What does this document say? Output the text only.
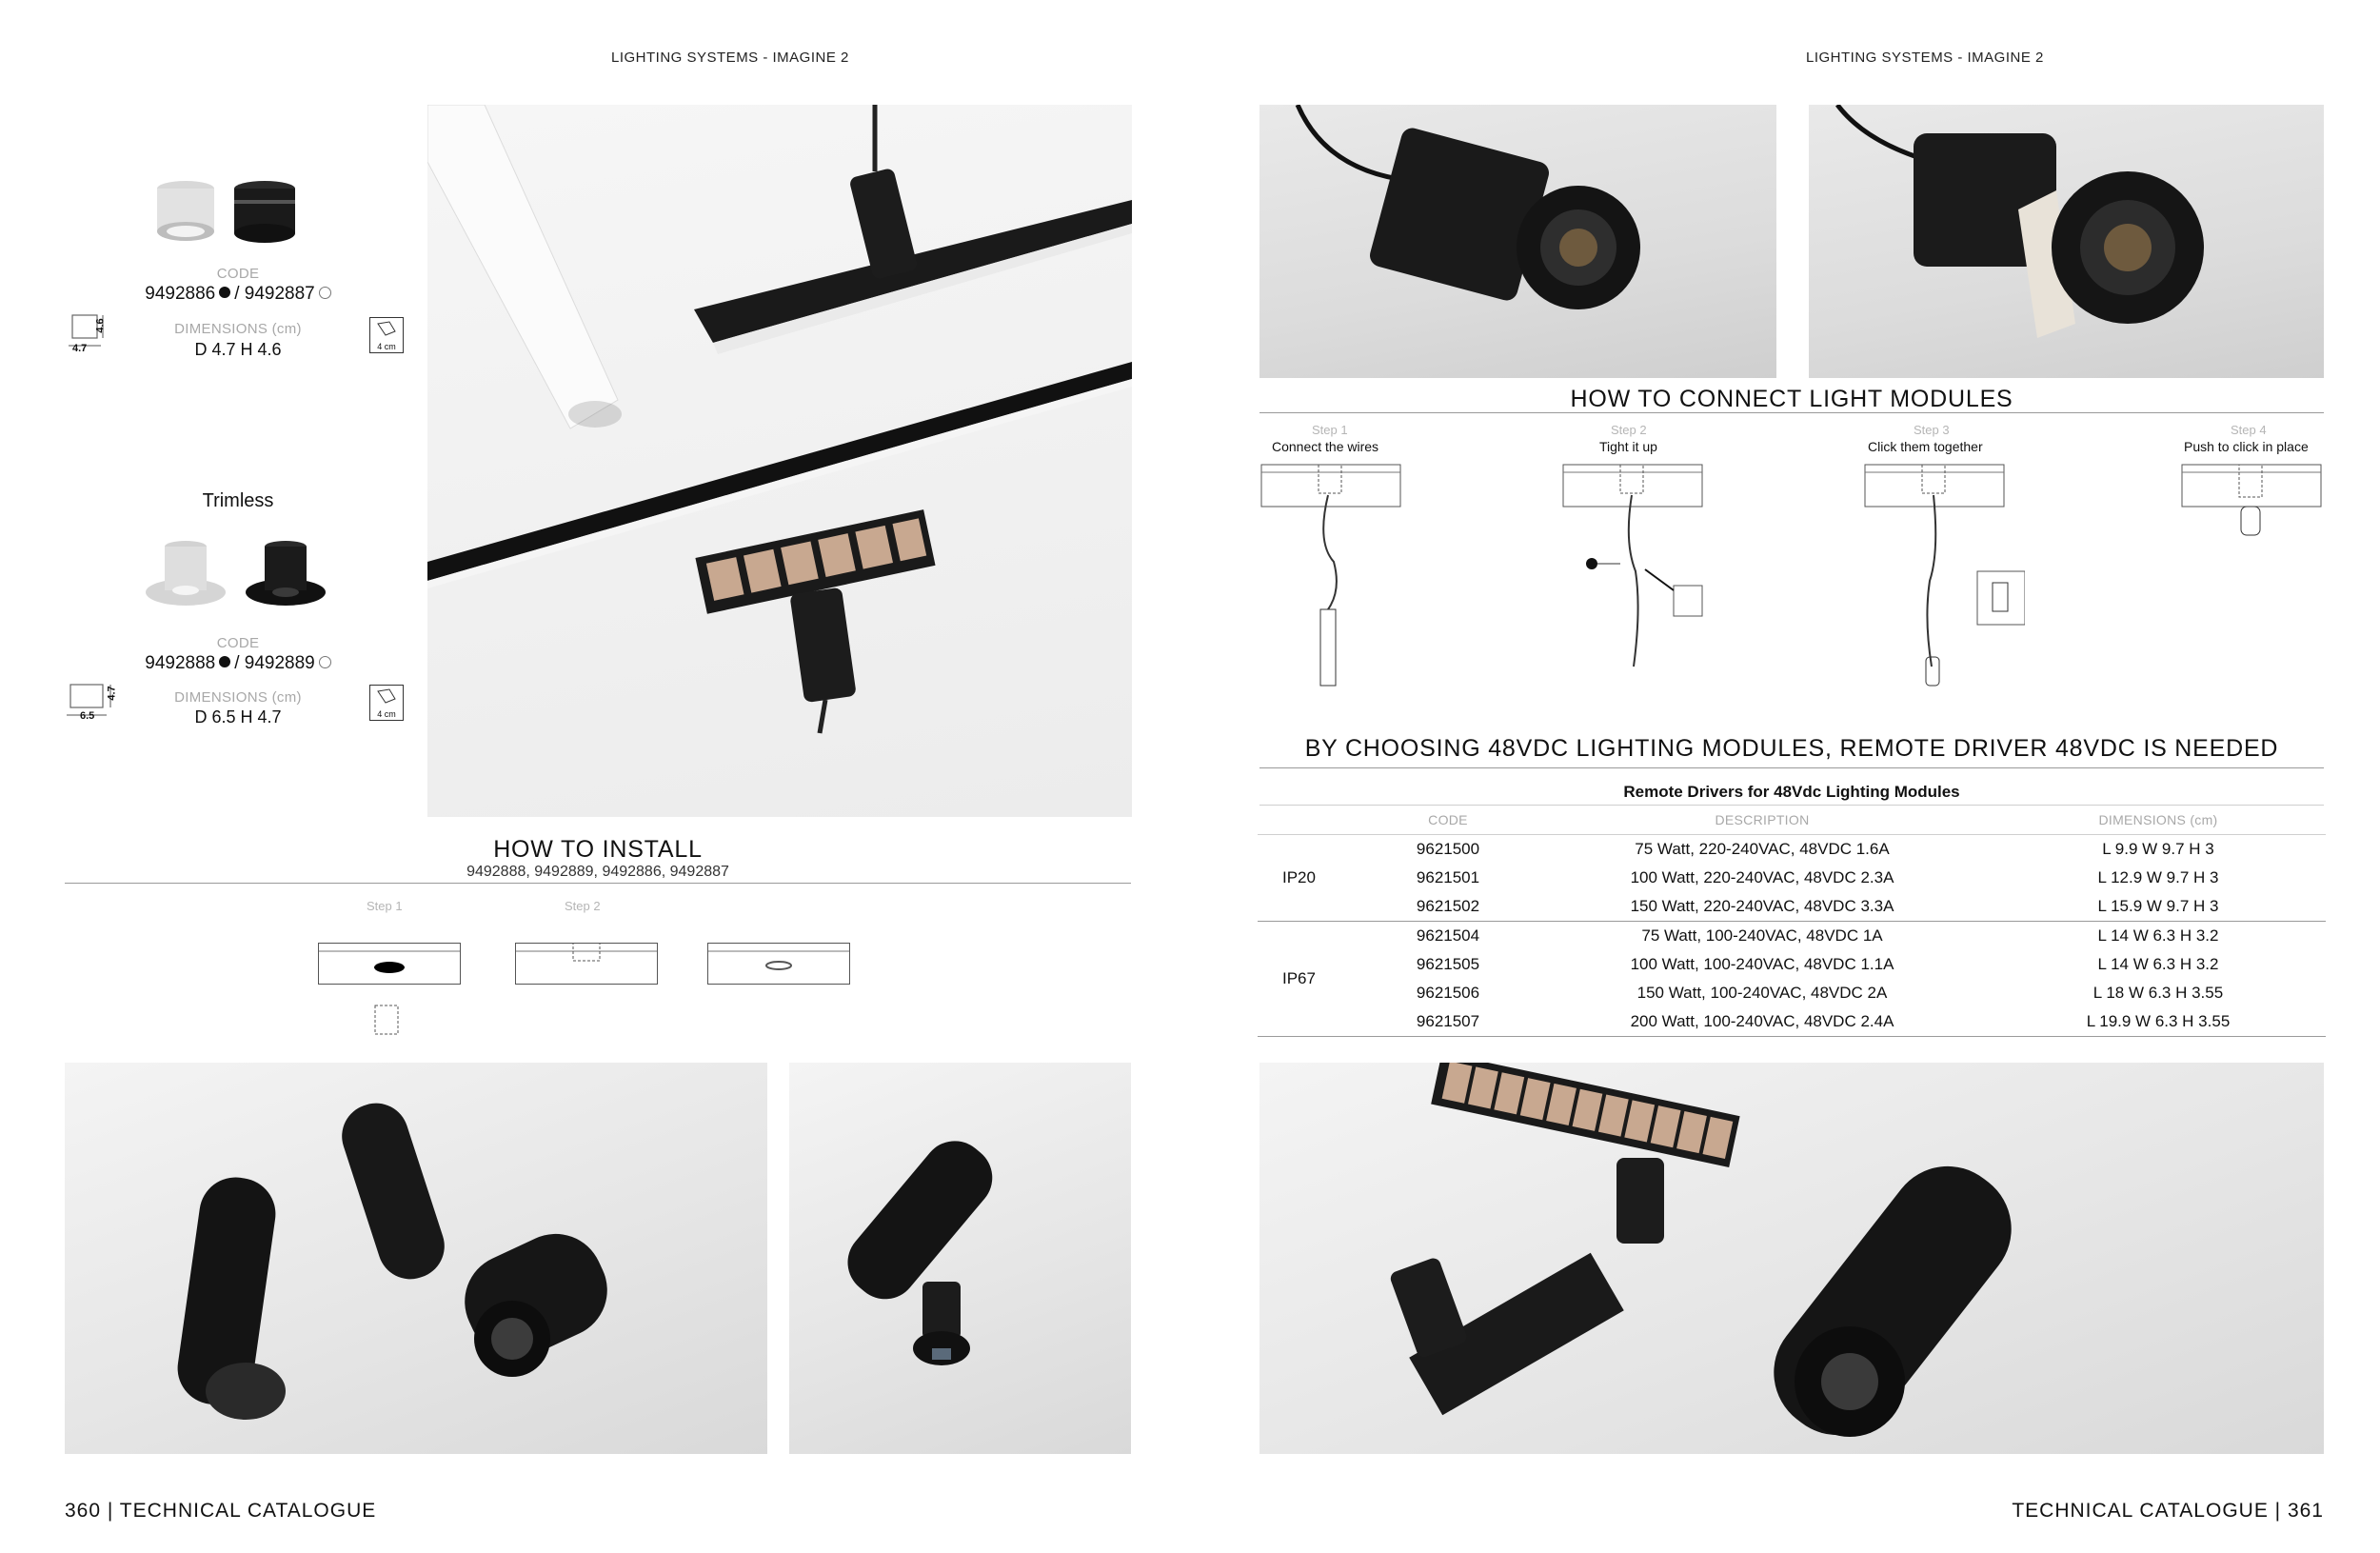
LIGHTING SYSTEMS - IMAGINE 2
CODE
9492886 / 9492887
DIMENSIONS (cm)
D 4.7 H 4.6
4.7
4.6
4 cm
Trimless
CODE
9492888 / 9492889
DIMENSIONS (cm)
D 6.5 H 4.7
6.5
4.7
4 cm
HOW TO INSTALL
9492888, 9492889, 9492886, 9492887
Step 1	Step 2
360 | TECHNICAL CATALOGUE
LIGHTING SYSTEMS - IMAGINE 2
HOW TO CONNECT LIGHT MODULES
Step 1
Connect the wires
Step 2
Tight it up
Step 3
Click them together
Step 4
Push to click in place
BY CHOOSING 48VDC LIGHTING MODULES, REMOTE DRIVER 48VDC IS NEEDED
Remote Drivers for 48Vdc Lighting Modules
	CODE	DESCRIPTION	DIMENSIONS (cm)
IP20	9621500	75 Watt, 220-240VAC, 48VDC 1.6A	L 9.9 W 9.7 H 3
	9621501	100 Watt, 220-240VAC, 48VDC 2.3A	L 12.9 W 9.7 H 3
	9621502	150 Watt, 220-240VAC, 48VDC 3.3A	L 15.9 W 9.7 H 3
IP67	9621504	75 Watt, 100-240VAC, 48VDC 1A	L 14 W 6.3 H 3.2
	9621505	100 Watt, 100-240VAC, 48VDC 1.1A	L 14 W 6.3 H 3.2
	9621506	150 Watt, 100-240VAC, 48VDC 2A	L 18 W 6.3 H 3.55
	9621507	200 Watt, 100-240VAC, 48VDC 2.4A	L 19.9 W 6.3 H 3.55
TECHNICAL CATALOGUE | 361
